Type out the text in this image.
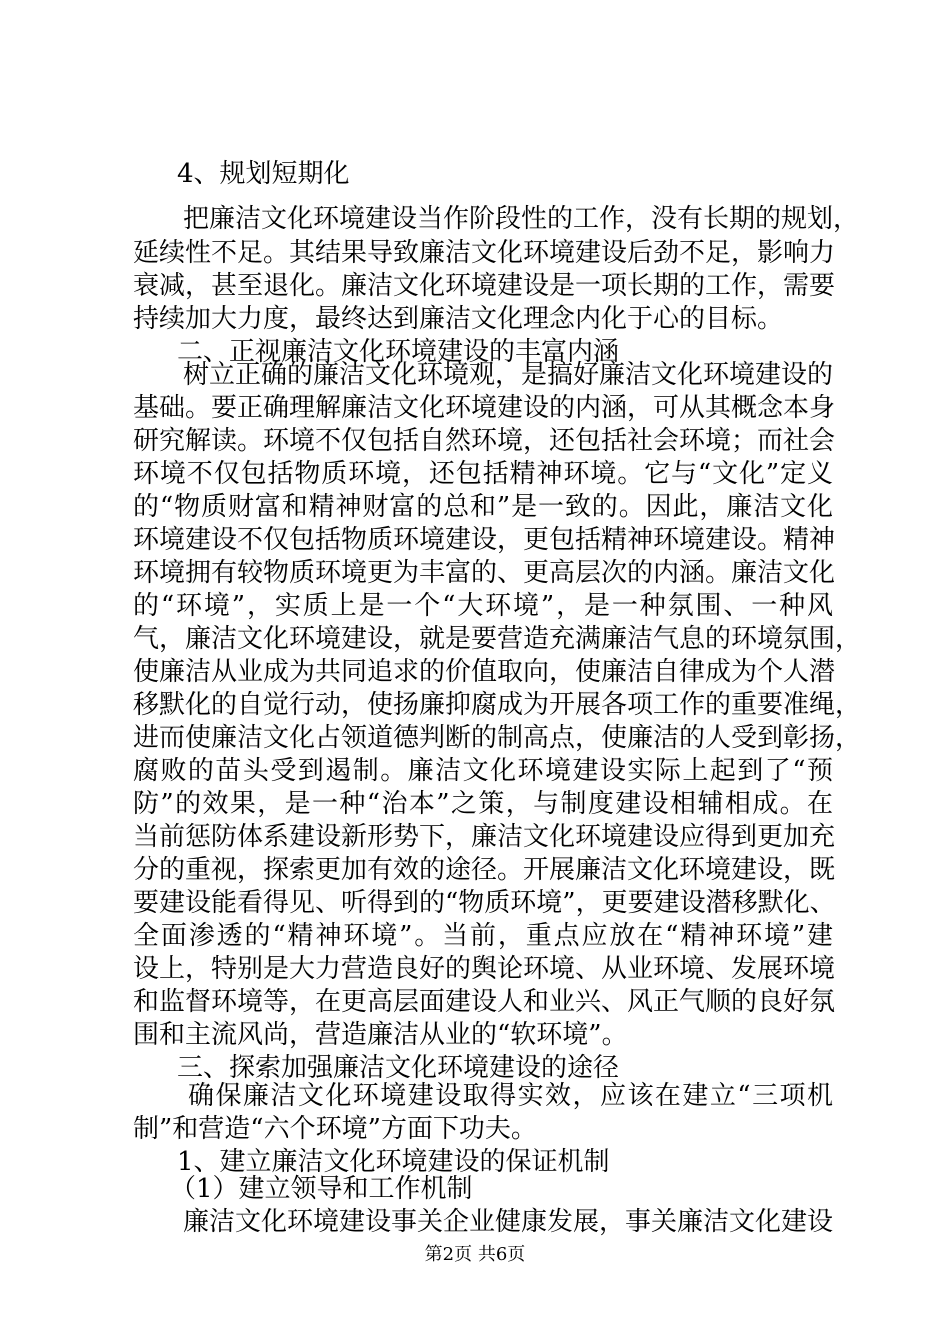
4、规划短期化
把廉洁文化环境建设当作阶段性的工作，没有长期的规划，
延续性不足。其结果导致廉洁文化环境建设后劲不足，影响力
衰减，甚至退化。廉洁文化环境建设是一项长期的工作，需要
持续加大力度，最终达到廉洁文化理念内化于心的目标。
二、正视廉洁文化环境建设的丰富内涵
树立正确的廉洁文化环境观，是搞好廉洁文化环境建设的
基础。要正确理解廉洁文化环境建设的内涵，可从其概念本身
研究解读。环境不仅包括自然环境，还包括社会环境；而社会
环境不仅包括物质环境，还包括精神环境。它与“文化”定义
的“物质财富和精神财富的总和”是一致的。因此，廉洁文化
环境建设不仅包括物质环境建设，更包括精神环境建设。精神
环境拥有较物质环境更为丰富的、更高层次的内涵。廉洁文化
的“环境”，实质上是一个“大环境”，是一种氛围、一种风
气，廉洁文化环境建设，就是要营造充满廉洁气息的环境氛围，
使廉洁从业成为共同追求的价值取向，使廉洁自律成为个人潜
移默化的自觉行动，使扬廉抑腐成为开展各项工作的重要准绳，
进而使廉洁文化占领道德判断的制高点，使廉洁的人受到彰扬，
腐败的苗头受到遏制。廉洁文化环境建设实际上起到了“预
防”的效果，是一种“治本”之策，与制度建设相辅相成。在
当前惩防体系建设新形势下，廉洁文化环境建设应得到更加充
分的重视，探索更加有效的途径。开展廉洁文化环境建设，既
要建设能看得见、听得到的“物质环境”，更要建设潜移默化、
全面渗透的“精神环境”。当前，重点应放在“精神环境”建
设上，特别是大力营造良好的舆论环境、从业环境、发展环境
和监督环境等，在更高层面建设人和业兴、风正气顺的良好氛
围和主流风尚，营造廉洁从业的“软环境”。
三、探索加强廉洁文化环境建设的途径
确保廉洁文化环境建设取得实效，应该在建立“三项机
制”和营造“六个环境”方面下功夫。
1、建立廉洁文化环境建设的保证机制
（1）建立领导和工作机制
廉洁文化环境建设事关企业健康发展，事关廉洁文化建设
第2页 共6页
